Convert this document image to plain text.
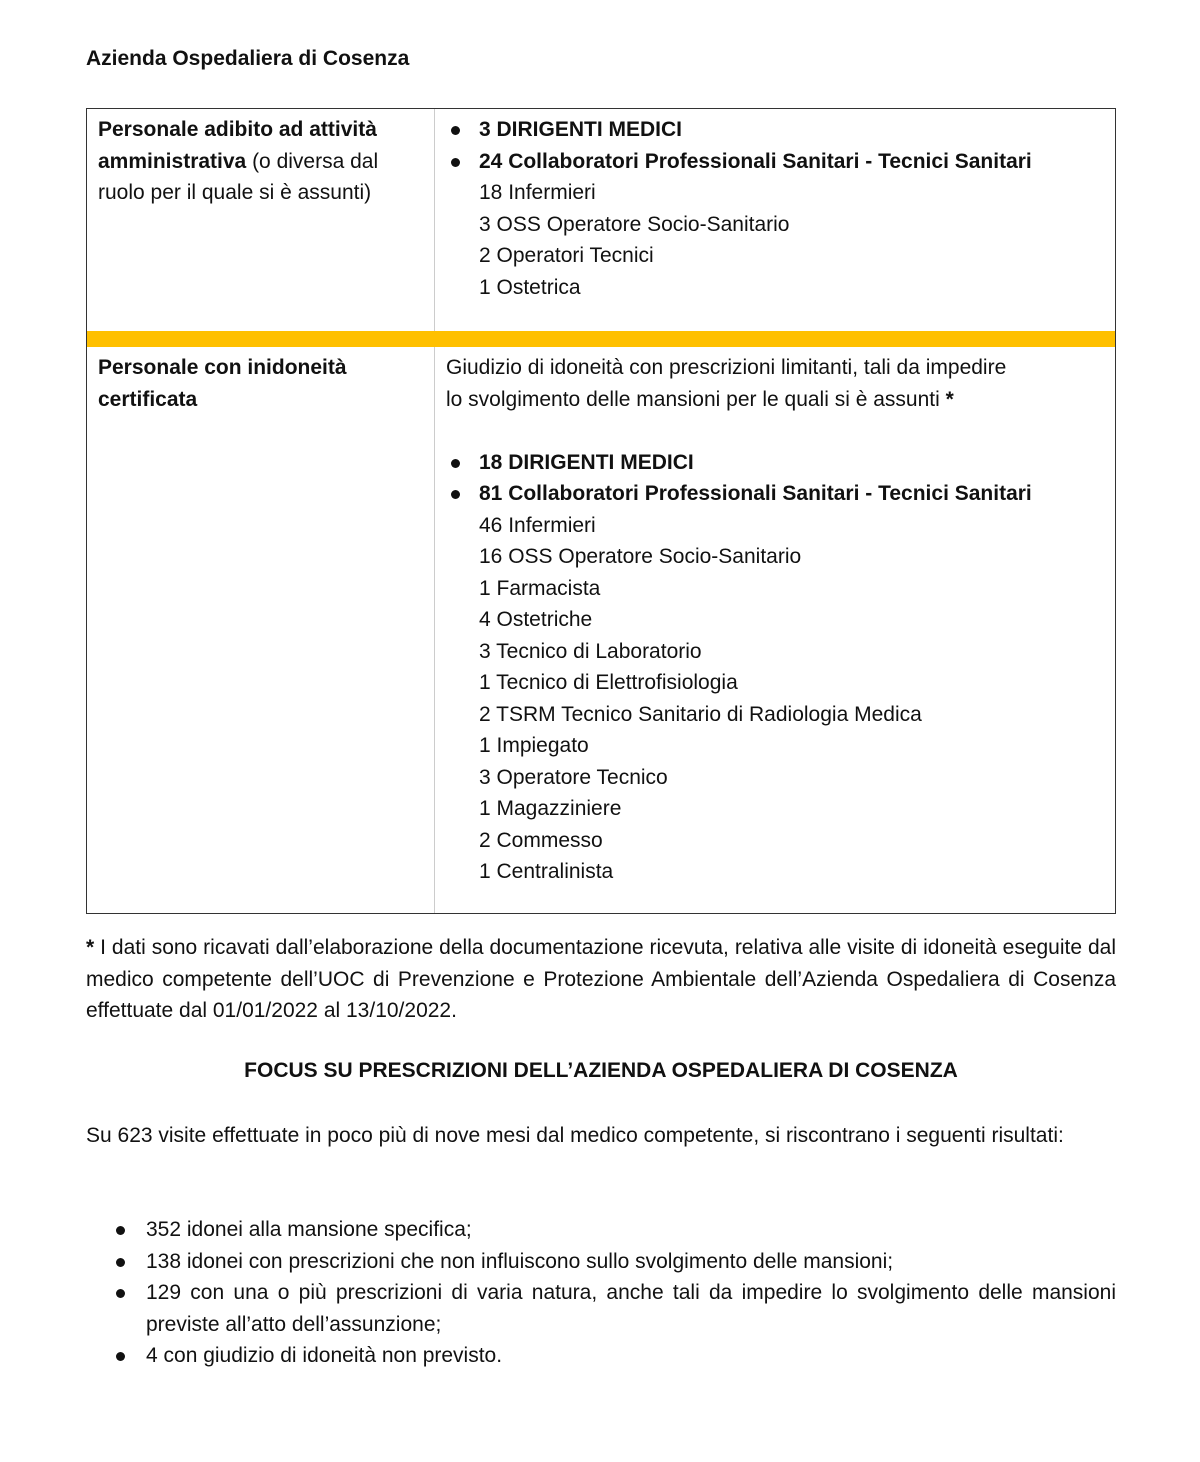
Azienda Ospedaliera di Cosenza
Personale adibito ad attività amministrativa (o diversa dal ruolo per il quale si è assunti)
3 DIRIGENTI MEDICI
24 Collaboratori Professionali Sanitari - Tecnici Sanitari
18 Infermieri
3 OSS Operatore Socio-Sanitario
2 Operatori Tecnici
1 Ostetrica
Personale con inidoneità certificata
Giudizio di idoneità con prescrizioni limitanti, tali da impedire
lo svolgimento delle mansioni per le quali si è assunti *
18 DIRIGENTI MEDICI
81 Collaboratori Professionali Sanitari - Tecnici Sanitari
46 Infermieri
16 OSS Operatore Socio-Sanitario
1 Farmacista
4 Ostetriche
3 Tecnico di Laboratorio
1 Tecnico di Elettrofisiologia
2 TSRM Tecnico Sanitario di Radiologia Medica
1 Impiegato
3 Operatore Tecnico
1 Magazziniere
2 Commesso
1 Centralinista
* I dati sono ricavati dall’elaborazione della documentazione ricevuta, relativa alle visite di idoneità eseguite dal medico competente dell’UOC di Prevenzione e Protezione Ambientale dell’Azienda Ospedaliera di Cosenza effettuate dal 01/01/2022 al 13/10/2022.
FOCUS SU PRESCRIZIONI DELL’AZIENDA OSPEDALIERA DI COSENZA
Su 623 visite effettuate in poco più di nove mesi dal medico competente, si riscontrano i seguenti risultati:
352 idonei alla mansione specifica;
138 idonei con prescrizioni che non influiscono sullo svolgimento delle mansioni;
129 con una o più prescrizioni di varia natura, anche tali da impedire lo svolgimento delle mansioni previste all’atto dell’assunzione;
4 con giudizio di idoneità non previsto.
